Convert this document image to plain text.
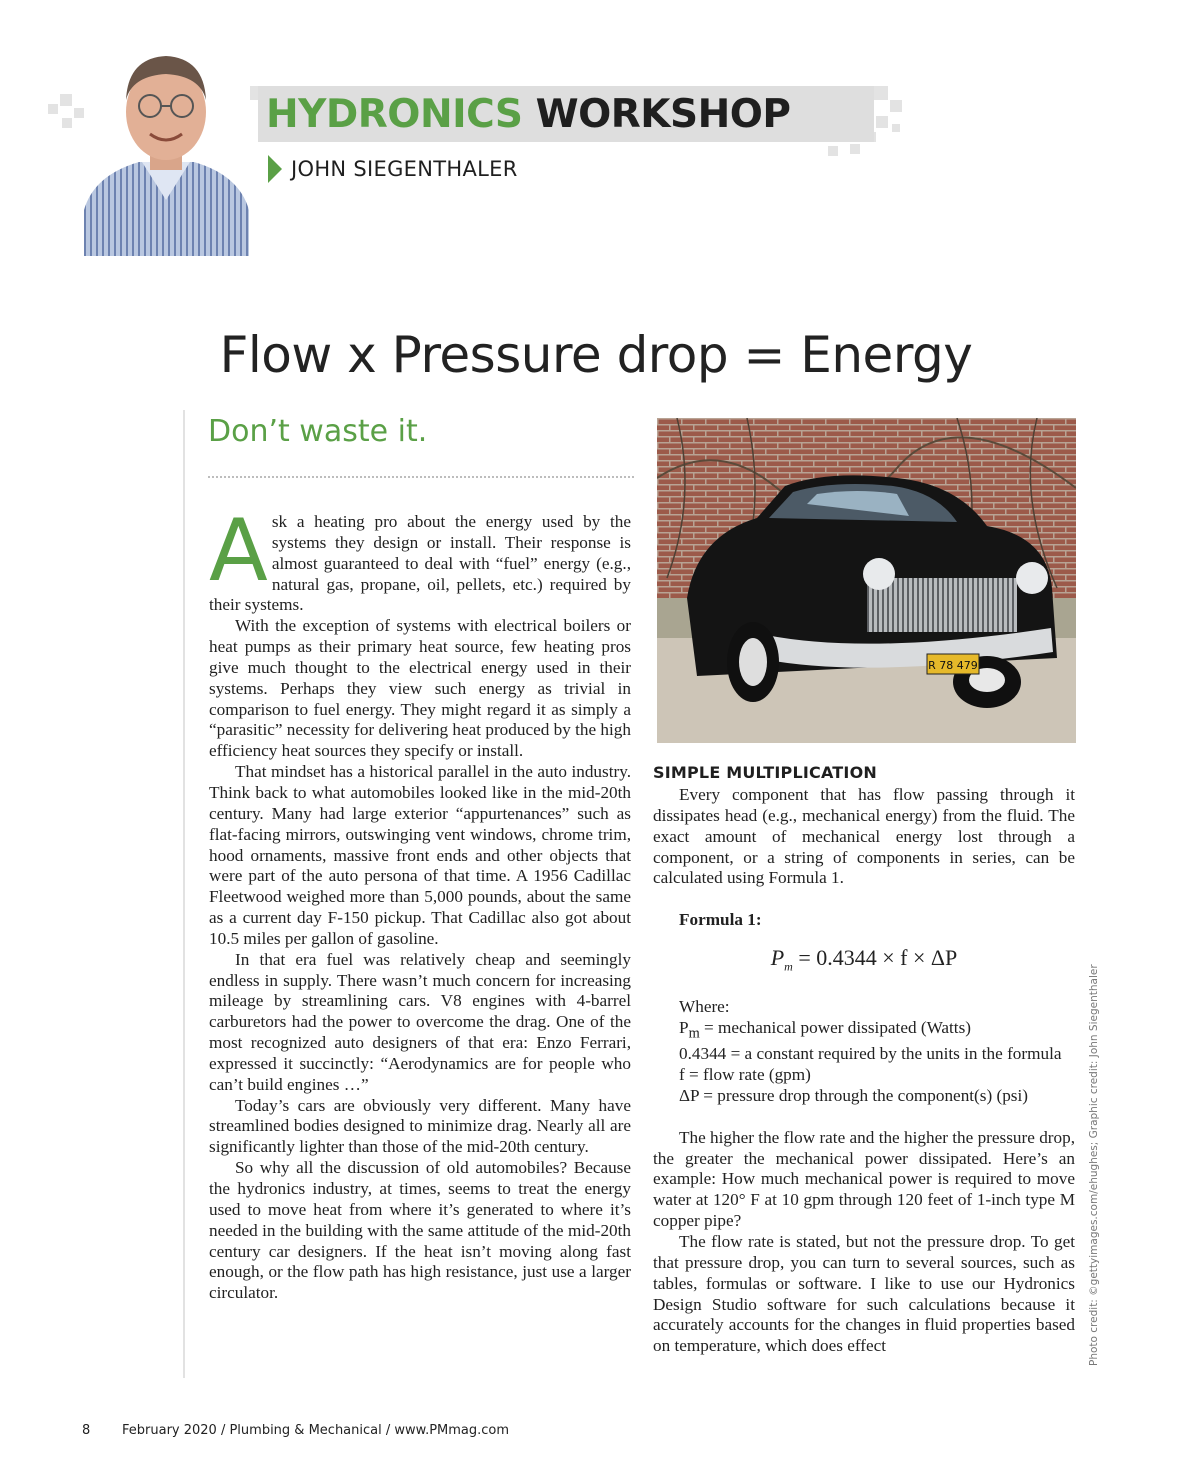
HYDRONICS WORKSHOP
JOHN SIEGENTHALER
Flow x Pressure drop = Energy
Don’t waste it.

Ask a heating pro about the energy used by the systems they design or install. Their response is almost guaranteed to deal with “fuel” energy (e.g., natural gas, propane, oil, pellets, etc.) required by their systems.

With the exception of systems with electrical boilers or heat pumps as their primary heat source, few heating pros give much thought to the electrical energy used in their systems. Perhaps they view such energy as trivial in comparison to fuel energy. They might regard it as simply a “parasitic” necessity for delivering heat produced by the high efficiency heat sources they specify or install.

That mindset has a historical parallel in the auto industry. Think back to what automobiles looked like in the mid-20th century. Many had large exterior “appurtenances” such as flat-facing mirrors, outswinging vent windows, chrome trim, hood ornaments, massive front ends and other objects that were part of the auto persona of that time. A 1956 Cadillac Fleetwood weighed more than 5,000 pounds, about the same as a current day F-150 pickup. That Cadillac also got about 10.5 miles per gallon of gasoline.

In that era fuel was relatively cheap and seemingly endless in supply. There wasn’t much concern for increasing mileage by streamlining cars. V8 engines with 4-barrel carburetors had the power to overcome the drag. One of the most recognized auto designers of that era: Enzo Ferrari, expressed it succinctly: “Aerodynamics are for people who can’t build engines …”

Today’s cars are obviously very different. Many have streamlined bodies designed to minimize drag. Nearly all are significantly lighter than those of the mid-20th century.

So why all the discussion of old automobiles? Because the hydronics industry, at times, seems to treat the energy used to move heat from where it’s generated to where it’s needed in the building with the same attitude of the mid-20th century car designers. If the heat isn’t moving along fast enough, or the flow path has high resistance, just use a larger circulator.

R 78 479
Photo credit: ©gettyimages.com/ehughes; Graphic credit: John Siegenthaler
SIMPLE MULTIPLICATION

Every component that has flow passing through it dissipates head (e.g., mechanical energy) from the fluid. The exact amount of mechanical energy lost through a component, or a string of components in series, can be calculated using Formula 1.

Formula 1:

$P_m = 0.4344 \times f \times \Delta P$

Where:

$P_m$ = mechanical power dissipated (Watts)

0.4344 = a constant required by the units in the formula

f = flow rate (gpm)

ΔP = pressure drop through the component(s) (psi)

The higher the flow rate and the higher the pressure drop, the greater the mechanical power dissipated. Here’s an example: How much mechanical power is required to move water at 120° F at 10 gpm through 120 feet of 1-inch type M copper pipe?

The flow rate is stated, but not the pressure drop. To get that pressure drop, you can turn to several sources, such as tables, formulas or software. I like to use our Hydronics Design Studio software for such calculations because it accurately accounts for the changes in fluid properties based on temperature, which does effect

8 February 2020 / Plumbing & Mechanical / www.PMmag.com
